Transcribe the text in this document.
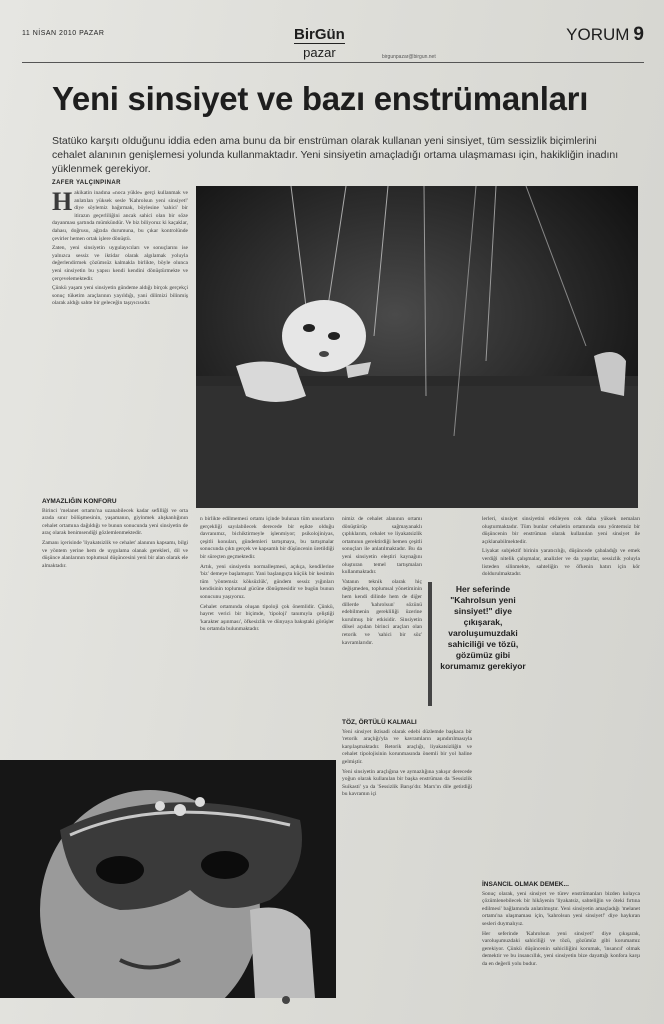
11 NİSAN 2010 PAZAR	BirGün
pazar	birgunpazar@birgun.net
YORUM 9
Yeni sinsiyet ve bazı enstrümanları
Statüko karşıtı olduğunu iddia eden ama bunu da bir enstrüman olarak kullanan yeni sinsiyet, tüm sessizlik biçimlerini cehalet alanının genişlemesi yolunda kullanmaktadır. Yeni sinsiyetin amaçladığı ortama ulaşmaması için, hakikliğin inadını yüklenmek gerekiyor.
ZAFER YALÇINPINAR
H akikatin inadına «noca yükle» gerçi kullanmak ve anlatılan yüksek sesle 'Kahrolsun yeni sinsiyet!' diye söylemiz bağırmak, böylesine 'sahici' bir itirazın geçerliliğini ancak sahici olan bir söze dayanması şartında mümkündür. Ve biz biliyoruz ki kaçaklar, dahası, doğrusu, ağzıda durumuna, bu çıkar kontrolünde çevirler hemen ortak işlere dönüştü.

Zaten, yeni sinsiyetin uygulayıcıları ve sonuçlarını ise yalnızca sessiz ve iktidar olarak algılamak yoluyla değerlendirmek çözümsüz kalmakla birlikte, böyle olunca yeni sinsiyetin bu yapısı kendi kendini dönüştürmekte ve çerçevelemektedir.

Çünkü yaşam yeni sinsiyetin gündeme aldığı birçok gerçekçi sonuç tüketim araçlarının yayıldığı, yani dilimizi bilinmiş olarak aldığı sahte bir geleceğin taşıyıcısıdır.

AYMAZLIĞIN KONFORU

Birinci 'melanet ortamı'na uzanabilecek kadar sefilliği ve orta arada sınır bölüşmesinin, yaşamanın, giyinmek alışkanlığının cehalet ortamına dağıldığı ve bunun sonucunda yeni sinsiyetin de araç olarak benimsendiği gözlemlenmektedir.

Zamanı içerisinde 'liyakatsizlik ve cehalet' alanının kapsamı, bilgi ve yöntem yerine hem de uygulama olanak gerekleri, dil ve düşünce alanlarının toplumsal düşüncesini yeni bir alan olarak ele almaktadır.

n birlikte edilmemesi ortamı içinde bulunan tüm unsurların gerçekliği sayılabilecek derecede bir eşikte olduğu davranımız, bichiktirmeyle işlenmiyor; psikolojiniyas, çeşitli konuları, gündemleri tartışmaya, bu tartışmalar sonucunda çıktı gerçek ve kapsamlı bir düşüncenin üretildiği bir süreçten geçmektedir.

Artık, yeni sinsiyetin normalleşmesi, açıkça, kendilerine 'biz' demeye başlamıştır. Yani başlangıçta küçük bir kesimin tüm 'yöntemsiz köksüzlük', gündem sessiz yığınları kendisinin toplumsal gücüne dönüşmesidir ve bugün bunun sonucunu yaşıyoruz.

Cehalet ortamında oluşan tipoloji çok önemlidir. Çünkü, hayret verici bir biçimde, 'tipoloji' tanımıyla çeliştiği 'karakter aşınması', öfkesizlik ve dünyaya bakıştaki görüşler bu ortamda bulunmaktadır.

nimiz de cehalet alanının ortamı dönüştürüp sağmayanaklı çıplıklarım, cehalet ve liyakatsizlik ortamının gerektirdiği hemen çeşitli sonuçları ile anlatılmaktadır. Bu da yeni sinsiyetin eleştiri kaynağını oluşturan temel tartışmaları kullanmaktadır.

Vatanın teknik olarak hiç değişmeden, toplumsal yönetiminin hem kendi dilinde hem de diğer dillerde 'kahrolsun' sözünü edebilmenin gerekliliği üzerine kurulmuş bir etkisidir. Sinsiyetin dilsel açıdan birinci araçları olan retorik ve 'sahici bir söz' kavramlarıdır.

Her seferinde "Kahrolsun yeni sinsiyet!" diye çıkışarak, varoluşumuzdaki sahiciliği ve tözü, gözümüz gibi korumamız gerekiyor
TÖZ, ÖRTÜLÜ KALMALI

Yeni sinsiyet iktisadi olarak edebi düzlemde başkaca bir 'retorik araçlığı'yla ve kavramların aşındırılmasıyla karşılaşmaktadır. Retorik araçlığı, liyakatsizliğin ve cehalet tipolojisinin korunmasında önemli bir yol haline gelmiştir.

Yeni sinsiyetin araçlığına ve aymazlığına yakışır derecede yoğun olarak kullanılan bir başka enstrüman da 'Sessizlik Suikasti' ya da 'Sessizlik Barışı'dır. Marx'ın dile getirdiği bu kavramın içi

lerleri, sinsiyet sinsiyetini etkileyen cok daha yüksek nemaları oluşturmaktadır. Tüm bunlar cehaletin ortamında onu yöntemsiz bir düşüncenin bir enstrüman olarak kullanılan yeni sinsiyet ile açıklanabilmektedir.

Liyakat subjektif birinin yaratıcılığı, düşüncede çabaladığı ve emek verdiği nitelik çalışmalar, analizler ve da yapıtlar, sessizlik yoluyla listeden silinmekte, sahteliğin ve öfkenin hatırı için kör doldurulmaktadır.

İNSANCIL OLMAK DEMEK...

Sonuç olarak, yeni sinsiyet ve türev enstrümanları bizden kolayca çözümlenebilecek bir hikâyenin 'liyakatsiz, sahteliğin ve öteki fırtına edilmesi' bağlamında anlatılmıştır. Yeni sinsiyetin amaçladığı 'melanet ortamı'na ulaşmaması için, 'kahrolsun yeni sinsiyet!' diye haykıran sesleri duymalıyız.

Her seferinde 'Kahrolsun yeni sinsiyet!' diye çıkışarak, varoluşumuzdaki sahiciliği ve tözü, gözümüz gibi korumamız gerekiyor. Çünkü düşüncenin sahiciliğini korumak, 'insancıl' olmak demektir ve bu insancıllık, yeni sinsiyetin bize dayattığı konfora karşı da en değerli yolu budur.
